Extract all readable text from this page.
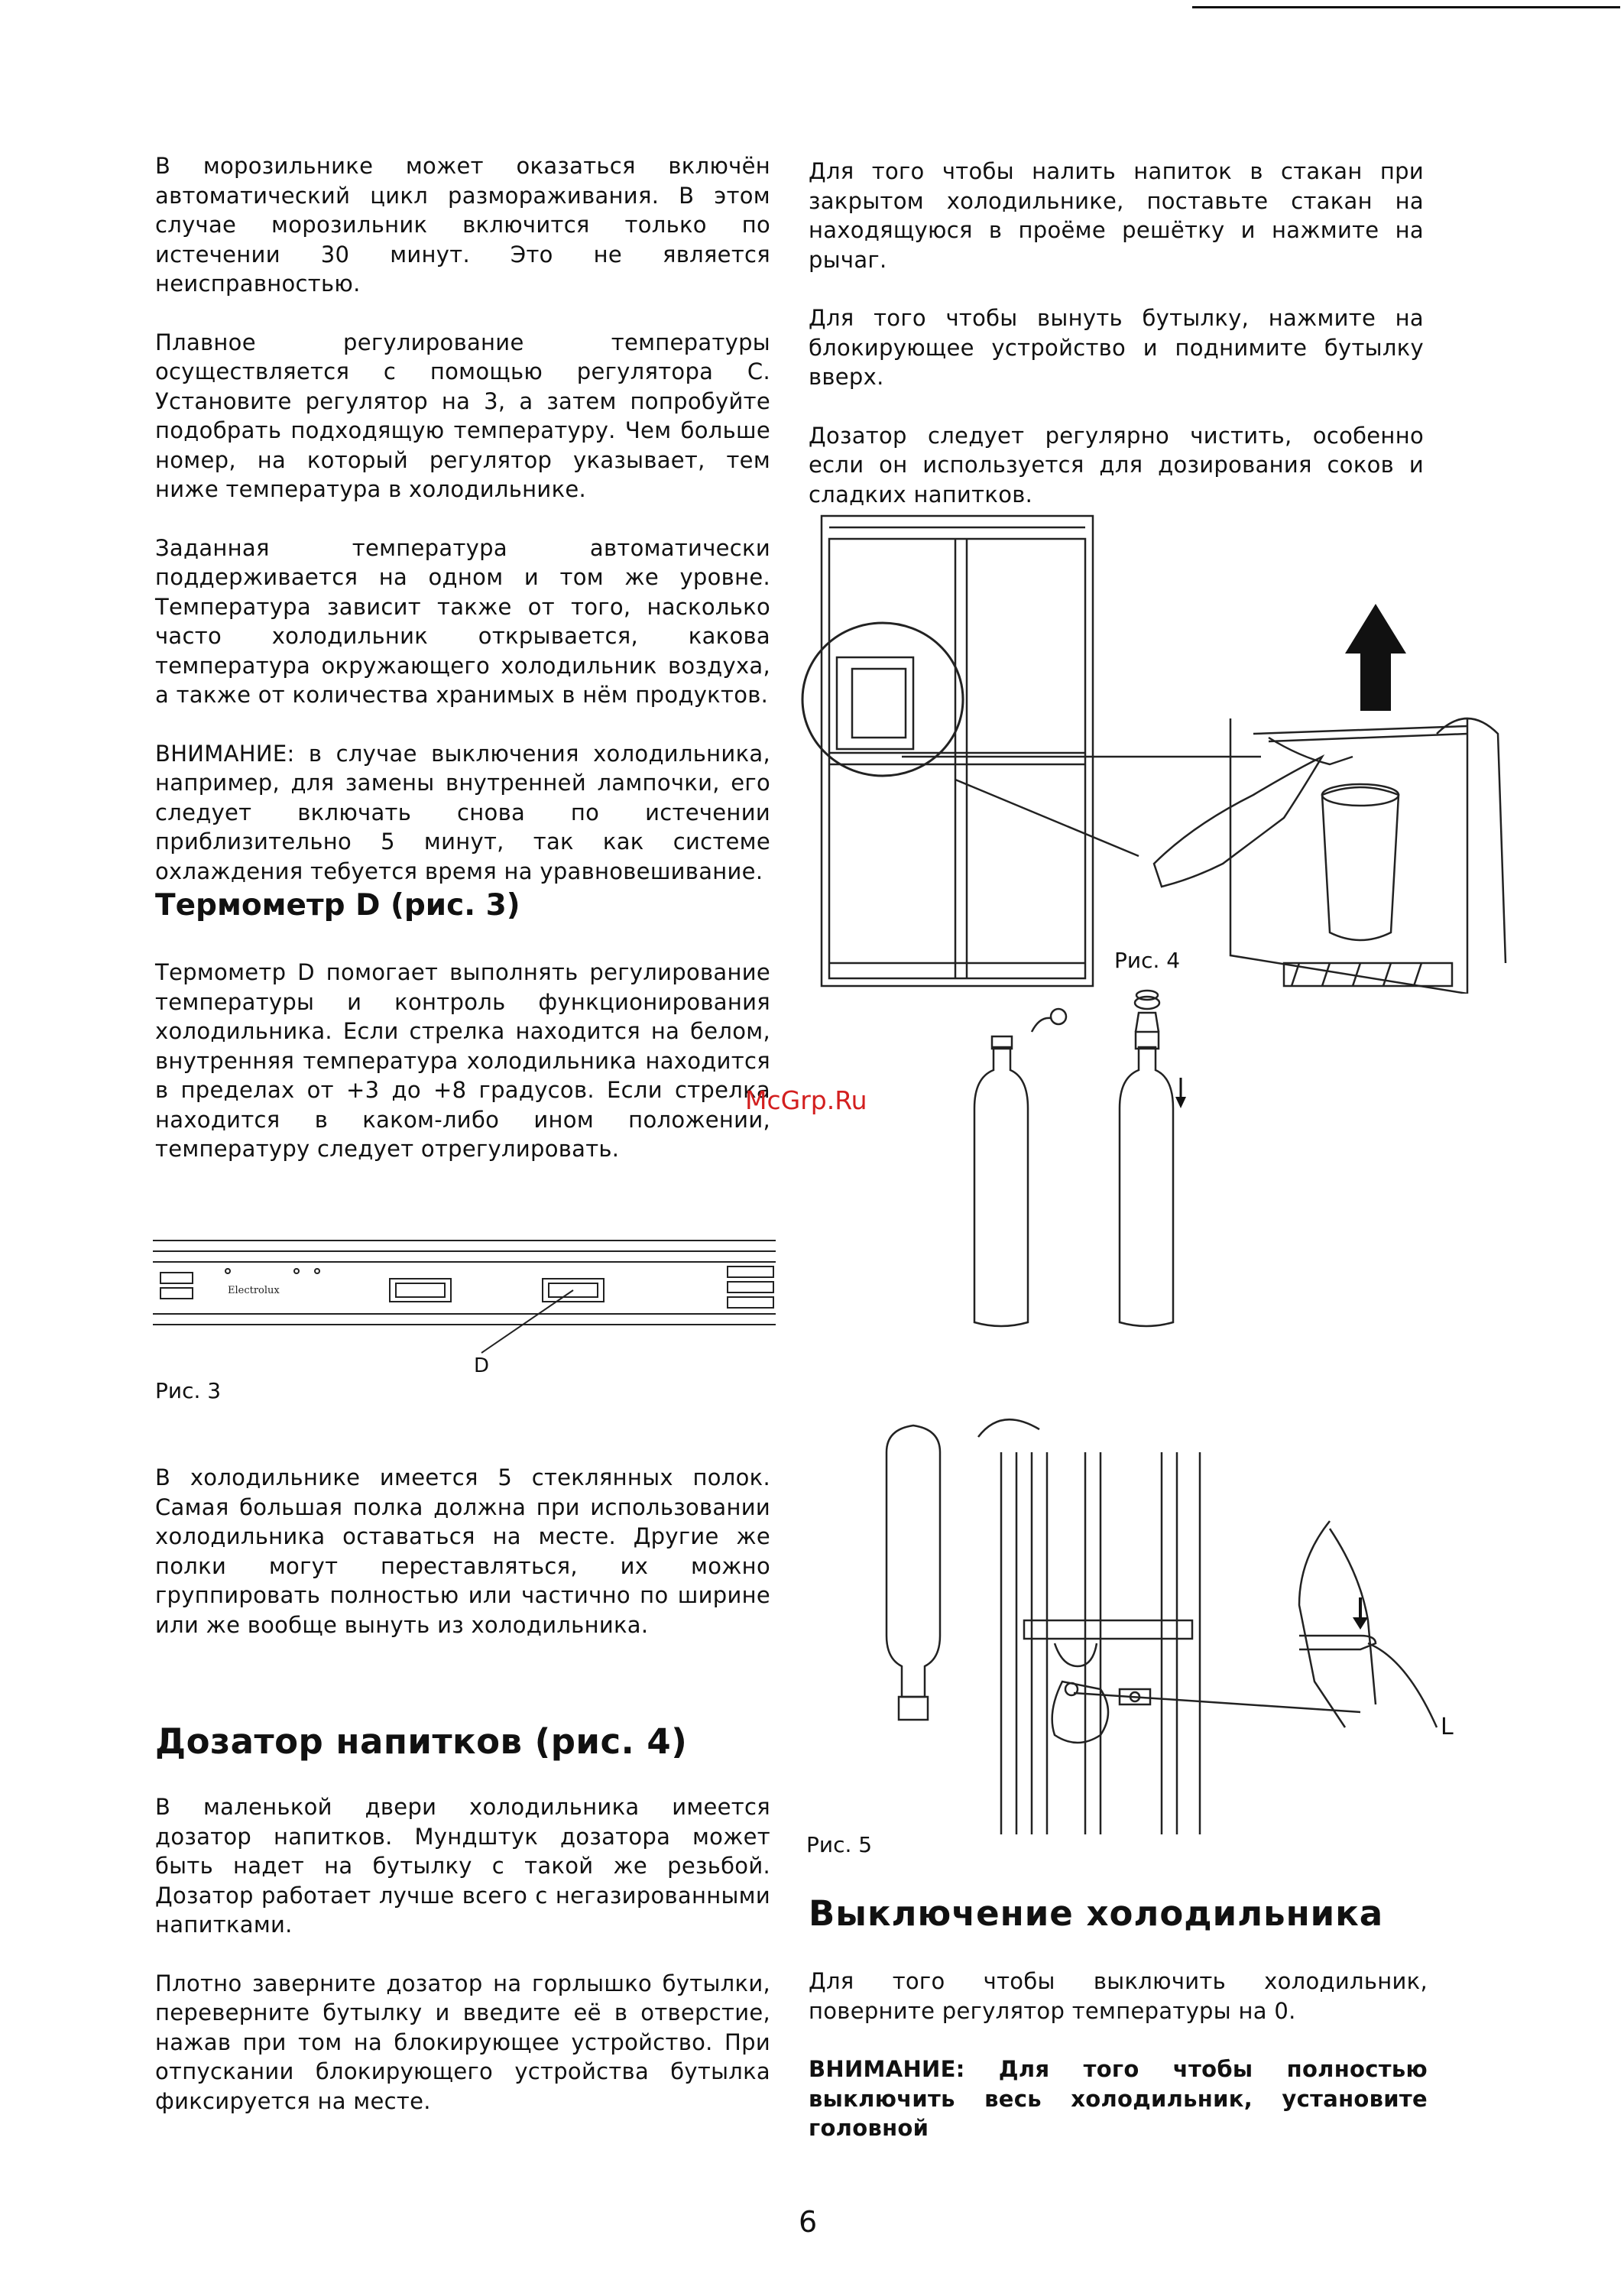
В морозильнике может оказаться включён автоматический цикл размораживания. В этом случае морозильник включится только по истечении 30 минут. Это не является неисправностью.

Плавное регулирование температуры осуществляется с помощью регулятора C. Установите регулятор на 3, а затем попробуйте подобрать подходящую температуру. Чем больше номер, на который регулятор указывает, тем ниже температура в холодильнике.

Заданная температура автоматически поддерживается на одном и том же уровне. Температура зависит также от того, насколько часто холодильник открывается, какова температура окружающего холодильник воздуха, а также от количества хранимых в нём продуктов.

ВНИМАНИЕ: в случае выключения холодильника, например, для замены внутренней лампочки, его следует включать снова по истечении приблизительно 5 минут, так как системе охлаждения тебуется время на уравновешивание.

Термометр D (рис. 3)

Термометр D помогает выполнять регулирование температуры и контроль функционирования холодильника. Если стрелка находится на белом, внутренняя температура холодильника находится в пределах от +3 до +8 градусов. Если стрелка находится в каком-либо ином положении, температуру следует отрегулировать.

Electrolux
D
Рис. 3

В холодильнике имеется 5 стеклянных полок. Самая большая полка должна при использовании холодильника оставаться на месте. Другие же полки могут переставляться, их можно группировать полностью или частично по ширине или же вообще вынуть из холодильника.

Дозатор напитков (рис. 4)

В маленькой двери холодильника имеется дозатор напитков. Мундштук дозатора может быть надет на бутылку с такой же резьбой. Дозатор работает лучше всего с негазированными напитками.

Плотно заверните дозатор на горлышко бутылки, переверните бутылку и введите её в отверстие, нажав при том на блокирующее устройство. При отпускании блокирующего устройства бутылка фиксируется на месте.

Для того чтобы налить напиток в стакан при закрытом холодильнике, поставьте стакан на находящуюся в проёме решётку и нажмите на рычаг.

Для того чтобы вынуть бутылку, нажмите на блокирующее устройство и поднимите бутылку вверх.

Дозатор следует регулярно чистить, особенно если он используется для дозирования соков и сладких напитков.

Рис. 4
McGrp.Ru
L
Рис. 5
Выключение холодильника

Для того чтобы выключить холодильник, поверните регулятор температуры на 0.

ВНИМАНИЕ: Для того чтобы полностью выключить весь холодильник, установите головной

6
